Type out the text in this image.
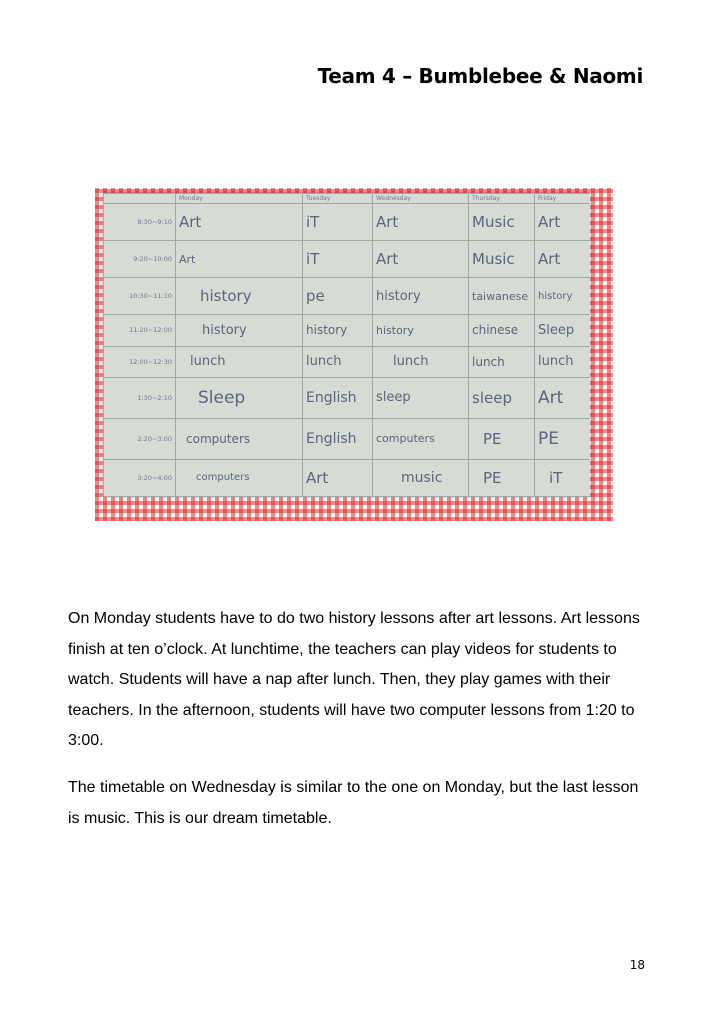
Team 4 – Bumblebee & Naomi
	Monday	Tuesday	Wednesday	Thursday	Friday
8:30~9:10	Art	iT	Art	Music	Art
9:20~10:00	Art	iT	Art	Music	Art
10:30~11:10	history	pe	history	taiwanese	history
11:20~12:00	history	history	history	chinese	Sleep
12:00~12:30	lunch	lunch	lunch	lunch	lunch
1:30~2:10	Sleep	English	sleep	sleep	Art
2:20~3:00	computers	English	computers	PE	PE
3:20~4:00	computers	Art	music	PE	iT

On Monday students have to do two history lessons after art lessons. Art lessons finish at ten o’clock. At lunchtime, the teachers can play videos for students to watch. Students will have a nap after lunch. Then, they play games with their teachers. In the afternoon, students will have two computer lessons from 1:20 to 3:00.

The timetable on Wednesday is similar to the one on Monday, but the last lesson is music. This is our dream timetable.

18
